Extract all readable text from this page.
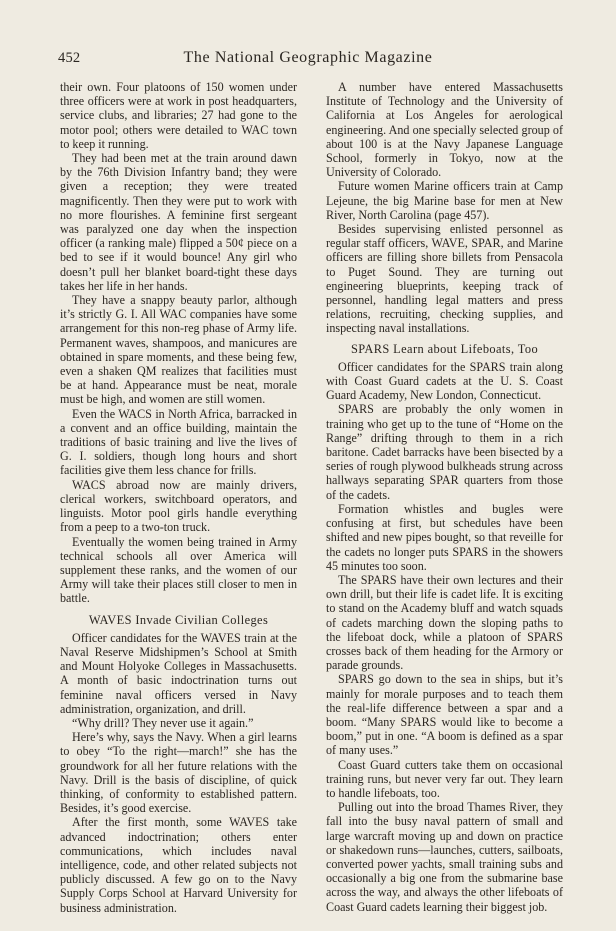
452	The National Geographic Magazine

their own. Four platoons of 150 women under three officers were at work in post headquarters, service clubs, and libraries; 27 had gone to the motor pool; others were detailed to WAC town to keep it running.

They had been met at the train around dawn by the 76th Division Infantry band; they were given a reception; they were treated magnificently. Then they were put to work with no more flourishes. A feminine first sergeant was paralyzed one day when the inspection officer (a ranking male) flipped a 50¢ piece on a bed to see if it would bounce! Any girl who doesn’t pull her blanket board-tight these days takes her life in her hands.

They have a snappy beauty parlor, although it’s strictly G. I. All WAC companies have some arrangement for this non-reg phase of Army life. Permanent waves, shampoos, and manicures are obtained in spare moments, and these being few, even a shaken QM realizes that facilities must be at hand. Appearance must be neat, morale must be high, and women are still women.

Even the WACS in North Africa, barracked in a convent and an office building, maintain the traditions of basic training and live the lives of G. I. soldiers, though long hours and short facilities give them less chance for frills.

WACS abroad now are mainly drivers, clerical workers, switchboard operators, and linguists. Motor pool girls handle everything from a peep to a two-ton truck.

Eventually the women being trained in Army technical schools all over America will supplement these ranks, and the women of our Army will take their places still closer to men in battle.

WAVES Invade Civilian Colleges

Officer candidates for the WAVES train at the Naval Reserve Midshipmen’s School at Smith and Mount Holyoke Colleges in Massachusetts. A month of basic indoctrination turns out feminine naval officers versed in Navy administration, organization, and drill.

“Why drill? They never use it again.”

Here’s why, says the Navy. When a girl learns to obey “To the right—march!” she has the groundwork for all her future relations with the Navy. Drill is the basis of discipline, of quick thinking, of conformity to established pattern. Besides, it’s good exercise.

After the first month, some WAVES take advanced indoctrination; others enter communications, which includes naval intelligence, code, and other related subjects not publicly discussed. A few go on to the Navy Supply Corps School at Harvard University for business administration.

A number have entered Massachusetts Institute of Technology and the University of California at Los Angeles for aerological engineering. And one specially selected group of about 100 is at the Navy Japanese Language School, formerly in Tokyo, now at the University of Colorado.

Future women Marine officers train at Camp Lejeune, the big Marine base for men at New River, North Carolina (page 457).

Besides supervising enlisted personnel as regular staff officers, WAVE, SPAR, and Marine officers are filling shore billets from Pensacola to Puget Sound. They are turning out engineering blueprints, keeping track of personnel, handling legal matters and press relations, recruiting, checking supplies, and inspecting naval installations.

SPARS Learn about Lifeboats, Too

Officer candidates for the SPARS train along with Coast Guard cadets at the U. S. Coast Guard Academy, New London, Connecticut.

SPARS are probably the only women in training who get up to the tune of “Home on the Range” drifting through to them in a rich baritone. Cadet barracks have been bisected by a series of rough plywood bulkheads strung across hallways separating SPAR quarters from those of the cadets.

Formation whistles and bugles were confusing at first, but schedules have been shifted and new pipes bought, so that reveille for the cadets no longer puts SPARS in the showers 45 minutes too soon.

The SPARS have their own lectures and their own drill, but their life is cadet life. It is exciting to stand on the Academy bluff and watch squads of cadets marching down the sloping paths to the lifeboat dock, while a platoon of SPARS crosses back of them heading for the Armory or parade grounds.

SPARS go down to the sea in ships, but it’s mainly for morale purposes and to teach them the real-life difference between a spar and a boom. “Many SPARS would like to become a boom,” put in one. “A boom is defined as a spar of many uses.”

Coast Guard cutters take them on occasional training runs, but never very far out. They learn to handle lifeboats, too.

Pulling out into the broad Thames River, they fall into the busy naval pattern of small and large warcraft moving up and down on practice or shakedown runs—launches, cutters, sailboats, converted power yachts, small training subs and occasionally a big one from the submarine base across the way, and always the other lifeboats of Coast Guard cadets learning their biggest job.
